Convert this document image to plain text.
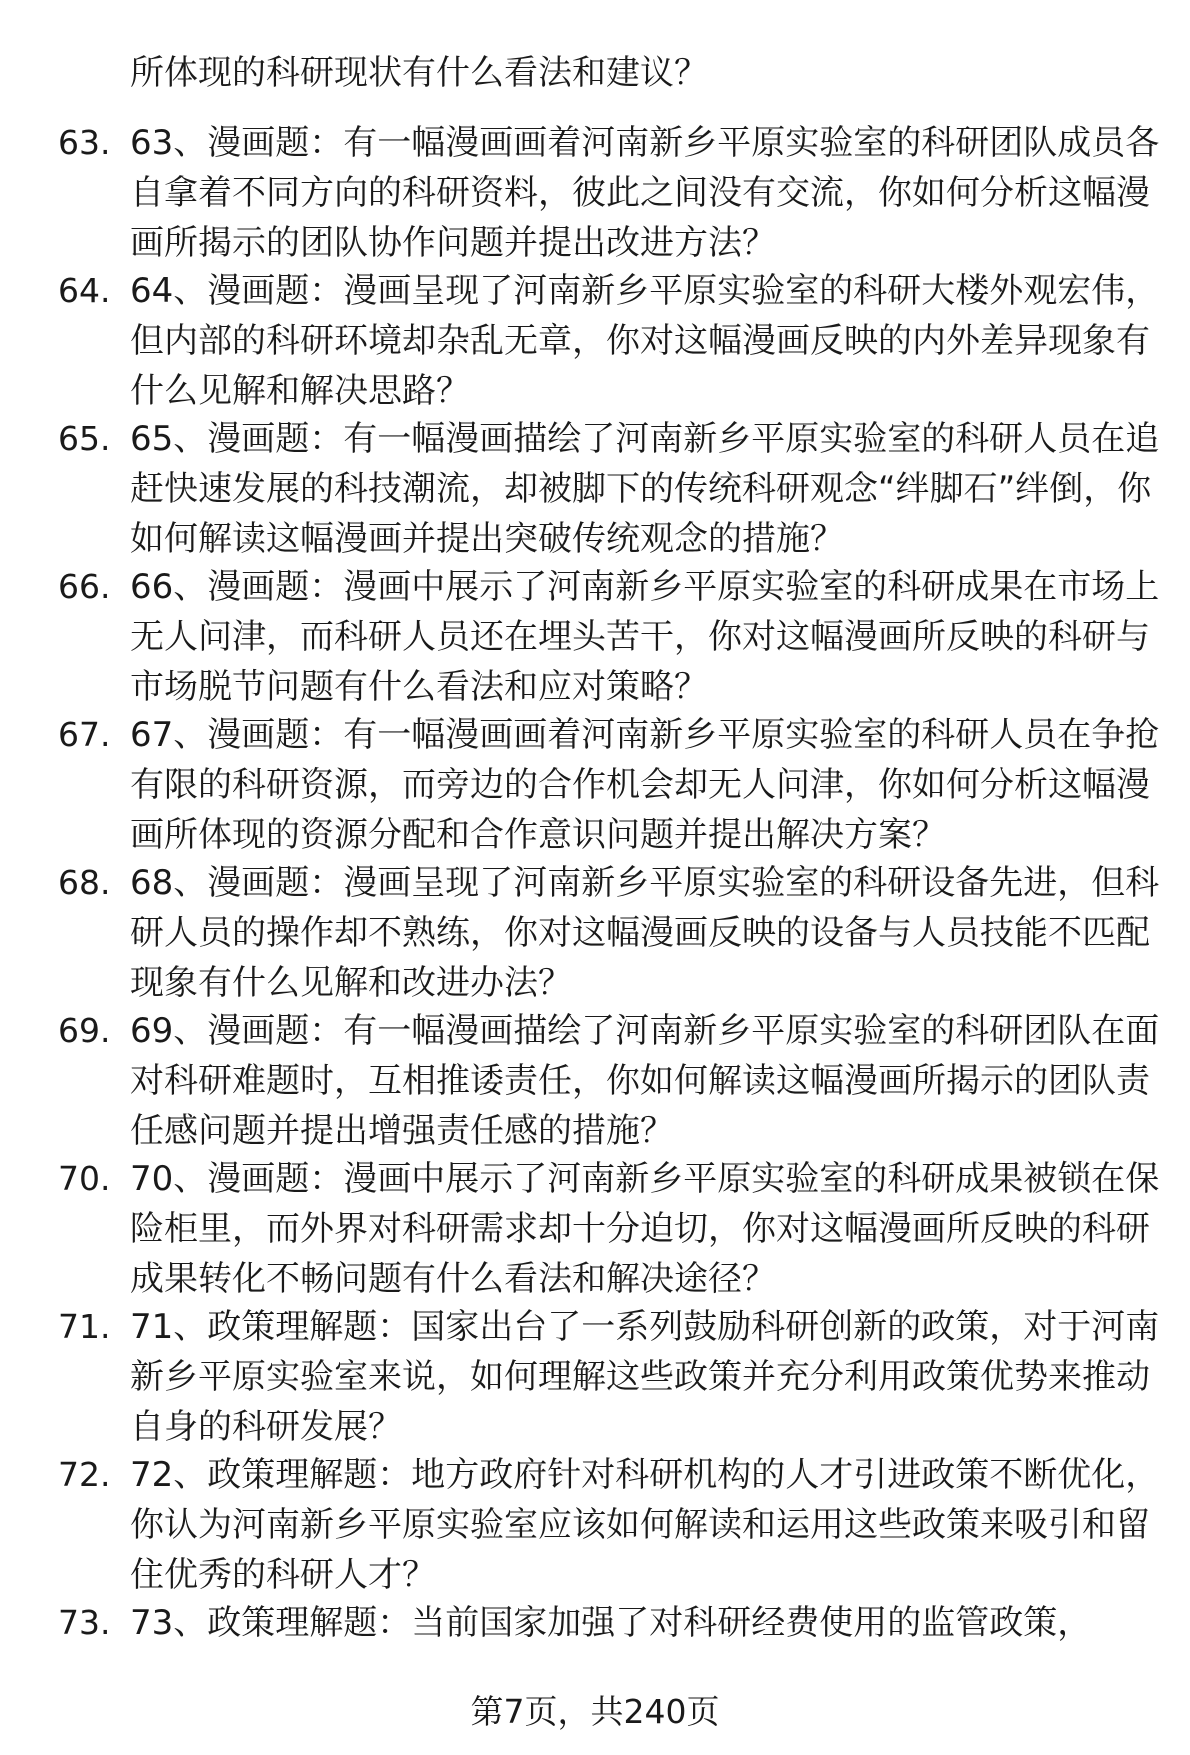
所体现的科研现状有什么看法和建议？

63. 63、漫画题：有一幅漫画画着河南新乡平原实验室的科研团队成员各自拿着不同方向的科研资料，彼此之间没有交流，你如何分析这幅漫画所揭示的团队协作问题并提出改进方法？

64. 64、漫画题：漫画呈现了河南新乡平原实验室的科研大楼外观宏伟，但内部的科研环境却杂乱无章，你对这幅漫画反映的内外差异现象有什么见解和解决思路？

65. 65、漫画题：有一幅漫画描绘了河南新乡平原实验室的科研人员在追赶快速发展的科技潮流，却被脚下的传统科研观念“绊脚石”绊倒，你如何解读这幅漫画并提出突破传统观念的措施？

66. 66、漫画题：漫画中展示了河南新乡平原实验室的科研成果在市场上无人问津，而科研人员还在埋头苦干，你对这幅漫画所反映的科研与市场脱节问题有什么看法和应对策略？

67. 67、漫画题：有一幅漫画画着河南新乡平原实验室的科研人员在争抢有限的科研资源，而旁边的合作机会却无人问津，你如何分析这幅漫画所体现的资源分配和合作意识问题并提出解决方案？

68. 68、漫画题：漫画呈现了河南新乡平原实验室的科研设备先进，但科研人员的操作却不熟练，你对这幅漫画反映的设备与人员技能不匹配现象有什么见解和改进办法？

69. 69、漫画题：有一幅漫画描绘了河南新乡平原实验室的科研团队在面对科研难题时，互相推诿责任，你如何解读这幅漫画所揭示的团队责任感问题并提出增强责任感的措施？

70. 70、漫画题：漫画中展示了河南新乡平原实验室的科研成果被锁在保险柜里，而外界对科研需求却十分迫切，你对这幅漫画所反映的科研成果转化不畅问题有什么看法和解决途径？

71. 71、政策理解题：国家出台了一系列鼓励科研创新的政策，对于河南新乡平原实验室来说，如何理解这些政策并充分利用政策优势来推动自身的科研发展？

72. 72、政策理解题：地方政府针对科研机构的人才引进政策不断优化，你认为河南新乡平原实验室应该如何解读和运用这些政策来吸引和留住优秀的科研人才？

73. 73、政策理解题：当前国家加强了对科研经费使用的监管政策，

第7页，共240页
